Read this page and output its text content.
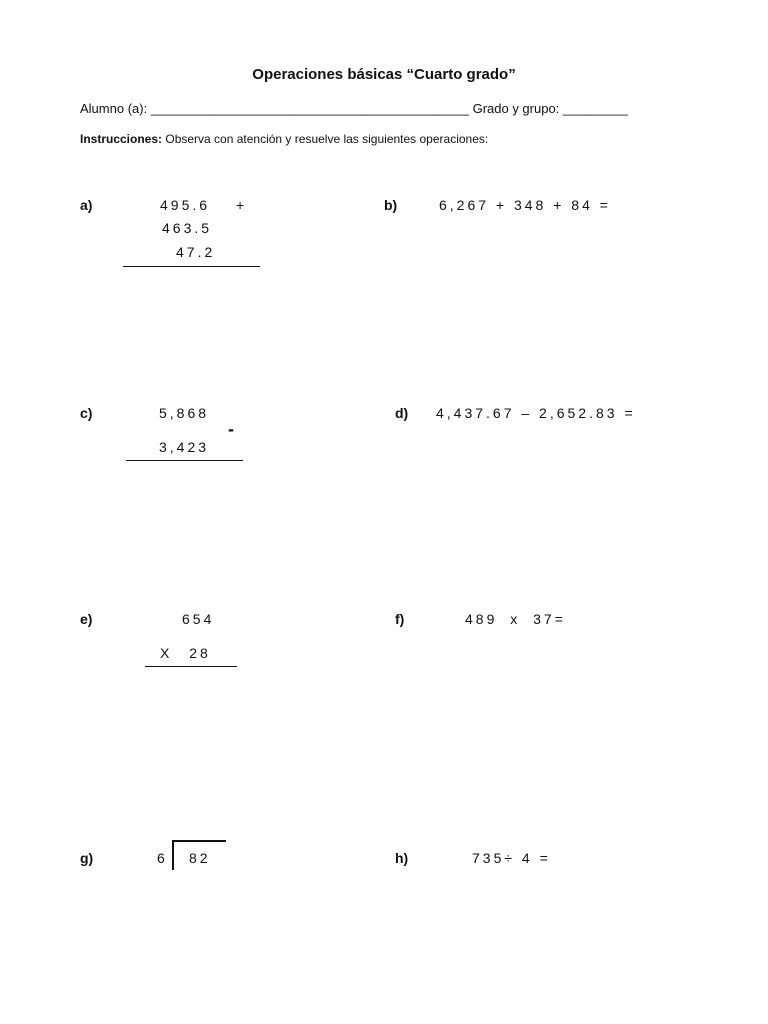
Operaciones básicas “Cuarto grado”
Alumno (a): ____________________________________________ Grado y grupo: _________
Instrucciones: Observa con atención y resuelve las siguientes operaciones:
a)	495.6 +
463.5
47.2
b)	6,267 + 348 + 84 =
c)	5,868
-
3,423
d) 4,437.67 – 2,652.83 =
e)	654
X 28
f)	489 x 37=
g)	6 82	h)	735÷ 4 =
